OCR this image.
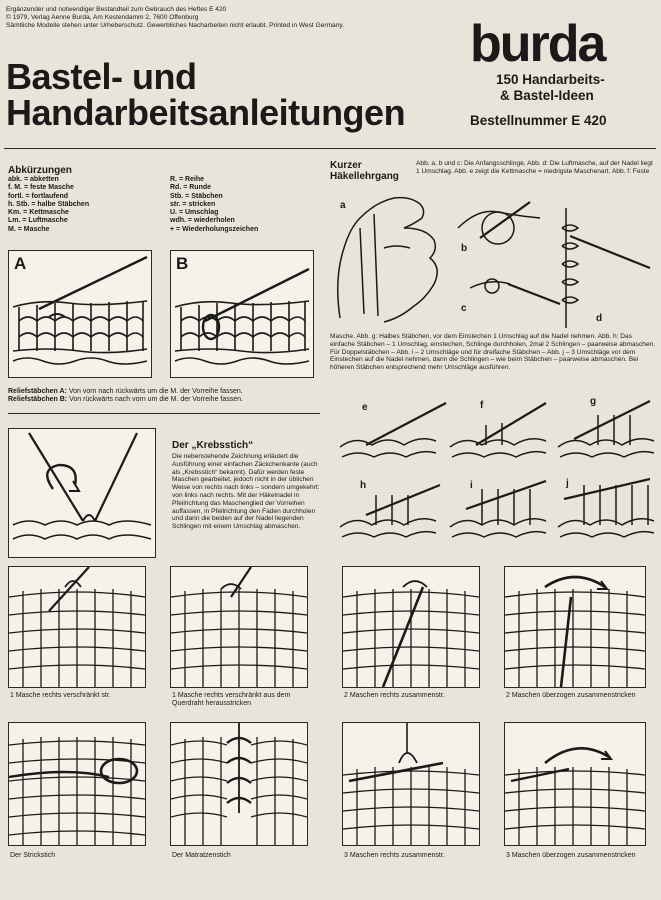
Ergänzender und notwendiger Bestandteil zum Gebrauch des Heftes E 420
© 1979, Verlag Aenne Burda, Am Kestendamm 2, 7600 Offenburg
Sämtliche Modelle stehen unter Urheberschutz. Gewerbliches Nacharbeiten nicht erlaubt. Printed in West Germany.
Bastel- und
Handarbeitsanleitungen
burda
150 Handarbeits-
& Bastel-Ideen
Bestellnummer E 420
Abkürzungen
abk. = abketten
f. M. = feste Masche
fortl. = fortlaufend
h. Stb. = halbe Stäbchen
Km. = Kettmasche
Lm. = Luftmasche
M. = Masche
R. = Reihe
Rd. = Runde
Stb. = Stäbchen
str. = stricken
U. = Umschlag
wdh. = wiederholen
+ = Wiederholungszeichen
A	B
Reliefstäbchen A: Von vorn nach rückwärts um die M. der Vorreihe fassen.
Reliefstäbchen B: Von rückwärts nach vorn um die M. der Vorreihe fassen.
Kurzer
Häkellehrgang
Abb. a, b und c: Die Anfangsschlinge, Abb. d: Die Luftmasche, auf der Nadel liegt 1 Umschlag. Abb. e zeigt die Kettmasche = niedrigste Maschenart. Abb. f: Feste
a
b
c
d
Masche. Abb. g: Halbes Stäbchen, vor dem Einstechen 1 Umschlag auf die Nadel nehmen. Abb. h: Das einfache Stäbchen – 1 Umschlag, einstechen, Schlinge durchholen, 2mal 2 Schlingen – paarweise abmaschen. Für Doppelstäbchen – Abb. i – 2 Umschläge und für dreifache Stäbchen – Abb. j – 3 Umschläge vor dem Einstechen auf die Nadel nehmen, dann die Schlingen – wie beim Stäbchen – paarweise abmaschen. Bei höheren Stäbchen entsprechend mehr Umschläge ausführen.
e	f	g
h	i	j
Der „Krebsstich“
Die nebenstehende Zeichnung erläutert die Ausführung einer einfachen Zäckchenkante (auch als „Krebsstich“ bekannt). Dafür werden feste Maschen gearbeitet, jedoch nicht in der üblichen Weise von rechts nach links – sondern umgekehrt: von links nach rechts. Mit der Häkelnadel in Pfeilrichtung das Maschenglied der Vorreihen auffassen, in Pfeilrichtung den Faden durchholen und dann die beiden auf der Nadel liegenden Schlingen mit einem Umschlag abmaschen.
1 Masche rechts verschränkt str.	1 Masche rechts verschränkt aus dem Querdraht herausstricken
2 Maschen rechts zusammenstr.	2 Maschen überzogen zusammenstricken
Der Strickstich	Der Matratzenstich	3 Maschen rechts zusammenstr.	3 Maschen überzogen zusammenstricken
